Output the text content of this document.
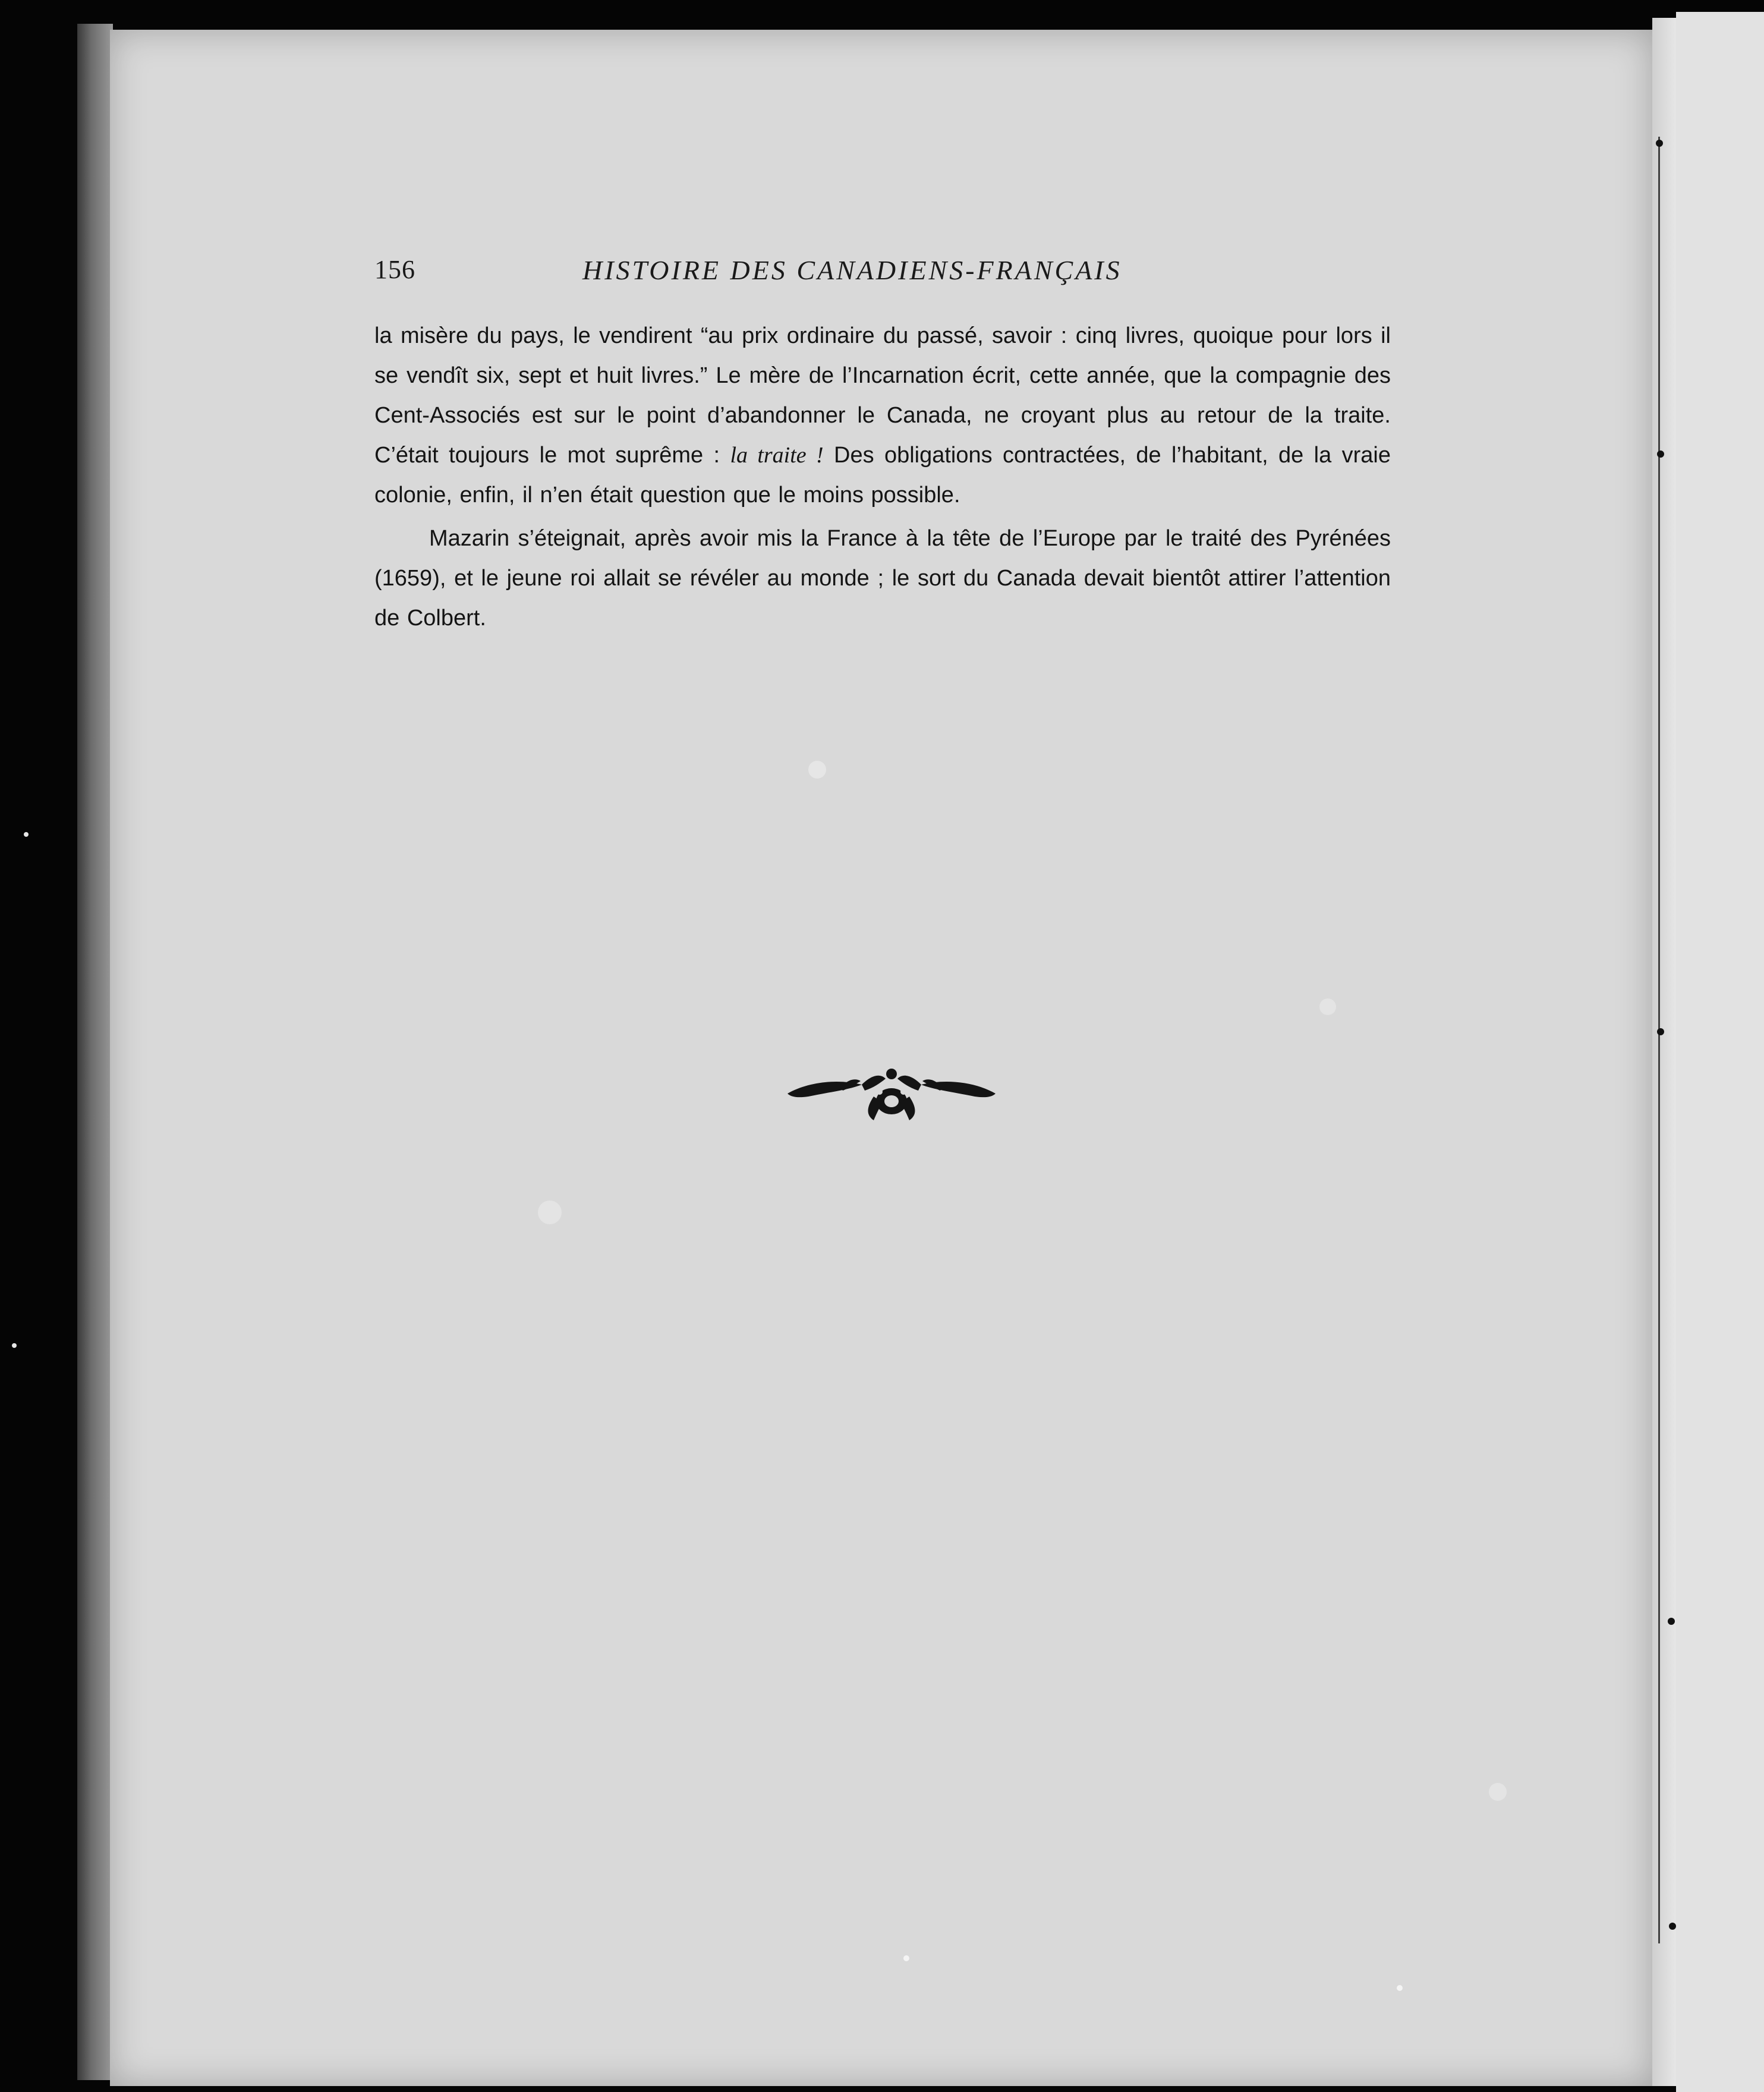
156	HISTOIRE DES CANADIENS-FRANÇAIS

la misère du pays, le vendirent “au prix ordinaire du passé, savoir : cinq livres, quoique pour lors il se vendît six, sept et huit livres.” Le mère de l’Incarnation écrit, cette année, que la compagnie des Cent-Associés est sur le point d’abandonner le Canada, ne croyant plus au retour de la traite. C’était toujours le mot suprême : la traite ! Des obligations contractées, de l’habitant, de la vraie colonie, enfin, il n’en était question que le moins possible.

Mazarin s’éteignait, après avoir mis la France à la tête de l’Europe par le traité des Pyrénées (1659), et le jeune roi allait se révéler au monde ; le sort du Canada devait bientôt attirer l’attention de Colbert.
